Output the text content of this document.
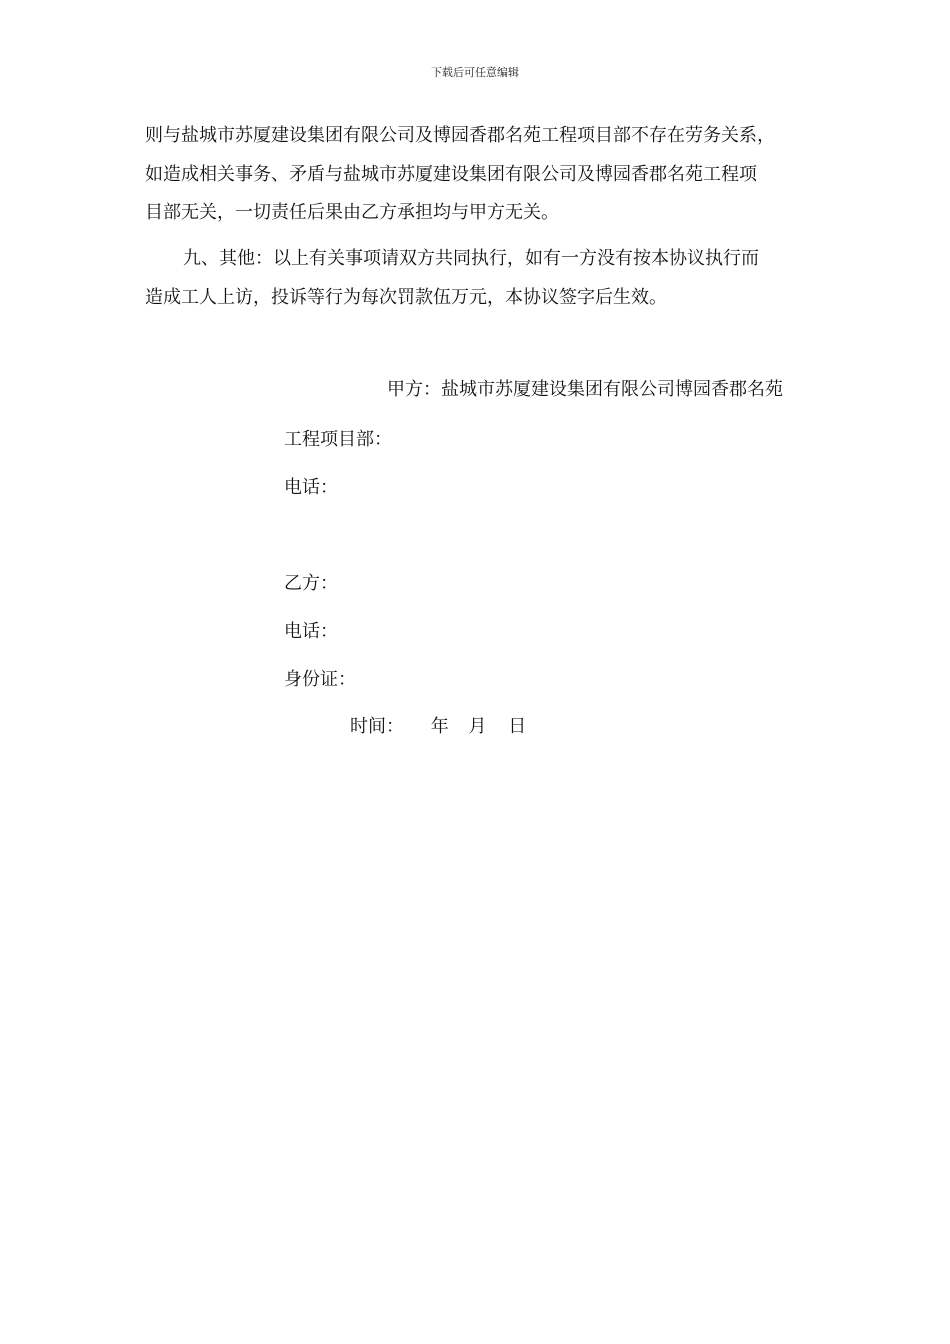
下载后可任意编辑
则与盐城市苏厦建设集团有限公司及博园香郡名苑工程项目部不存在劳务关系，
如造成相关事务、矛盾与盐城市苏厦建设集团有限公司及博园香郡名苑工程项
目部无关，一切责任后果由乙方承担均与甲方无关。
九、其他：以上有关事项请双方共同执行，如有一方没有按本协议执行而
造成工人上访，投诉等行为每次罚款伍万元，本协议签字后生效。
甲方：盐城市苏厦建设集团有限公司博园香郡名苑
工程项目部：
电话：
乙方：
电话：
身份证：
时间： 年 月 日
